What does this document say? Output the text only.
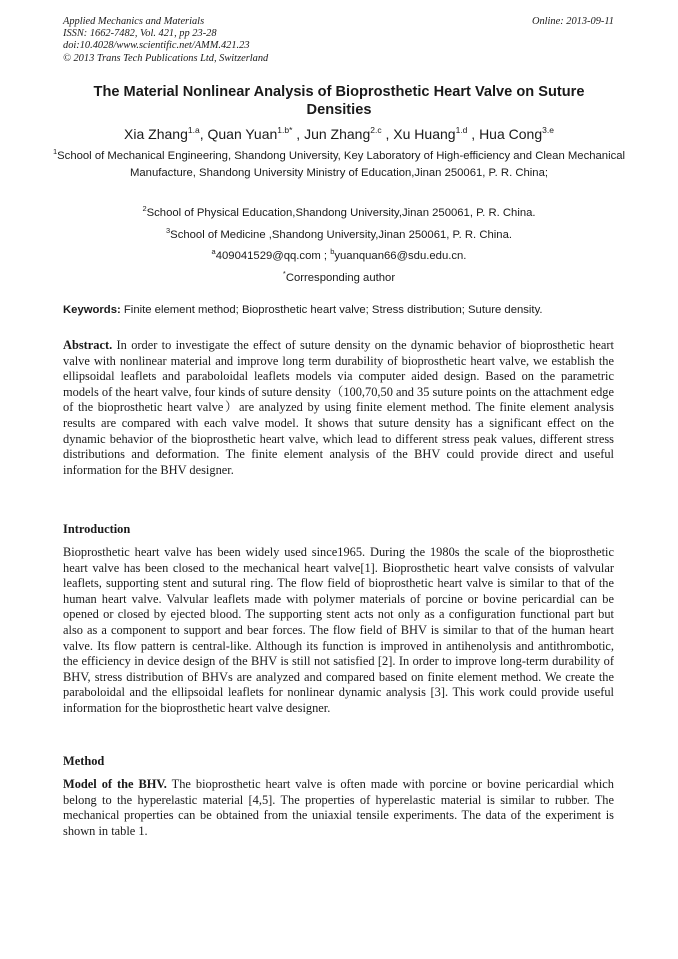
Applied Mechanics and Materials
ISSN: 1662-7482, Vol. 421, pp 23-28
doi:10.4028/www.scientific.net/AMM.421.23
© 2013 Trans Tech Publications Ltd, Switzerland
Online: 2013-09-11
The Material Nonlinear Analysis of Bioprosthetic Heart Valve on Suture Densities
Xia Zhang$^{1.a}$, Quan Yuan$^{1.b*}$ , Jun Zhang$^{2.c}$ , Xu Huang$^{1.d}$ , Hua Cong$^{3.e}$
$^1$School of Mechanical Engineering, Shandong University, Key Laboratory of High-efficiency and Clean Mechanical Manufacture, Shandong University Ministry of Education,Jinan 250061, P. R. China;
$^2$School of Physical Education,Shandong University,Jinan 250061, P. R. China.
$^3$School of Medicine ,Shandong University,Jinan 250061, P. R. China.
$^a$409041529@qq.com ; $^b$yuanquan66@sdu.edu.cn.
*Corresponding author
Keywords: Finite element method; Bioprosthetic heart valve; Stress distribution; Suture density.
Abstract. In order to investigate the effect of suture density on the dynamic behavior of bioprosthetic heart valve with nonlinear material and improve long term durability of bioprosthetic heart valve, we establish the ellipsoidal leaflets and paraboloidal leaflets models via computer aided design. Based on the parametric models of the heart valve, four kinds of suture density（100,70,50 and 35 suture points on the attachment edge of the bioprosthetic heart valve）are analyzed by using finite element method. The finite element analysis results are compared with each valve model. It shows that suture density has a significant effect on the dynamic behavior of the bioprosthetic heart valve, which lead to different stress peak values, different stress distributions and deformation. The finite element analysis of the BHV could provide direct and useful information for the BHV designer.
Introduction
Bioprosthetic heart valve has been widely used since1965. During the 1980s the scale of the bioprosthetic heart valve has been closed to the mechanical heart valve[1]. Bioprosthetic heart valve consists of valvular leaflets, supporting stent and sutural ring. The flow field of bioprosthetic heart valve is similar to that of the human heart valve. Valvular leaflets made with polymer materials of porcine or bovine pericardial can be opened or closed by ejected blood. The supporting stent acts not only as a configuration functional part but also as a component to support and bear forces. The flow field of BHV is similar to that of the human heart valve. Its flow pattern is central-like. Although its function is improved in antihenolysis and antithrombotic, the efficiency in device design of the BHV is still not satisfied [2]. In order to improve long-term durability of BHV, stress distribution of BHVs are analyzed and compared based on finite element method. We create the paraboloidal and the ellipsoidal leaflets for nonlinear dynamic analysis [3]. This work could provide useful information for the bioprosthetic heart valve designer.
Method
Model of the BHV. The bioprosthetic heart valve is often made with porcine or bovine pericardial which belong to the hyperelastic material [4,5]. The properties of hyperelastic material is similar to rubber. The mechanical properties can be obtained from the uniaxial tensile experiments. The data of the experiment is shown in table 1.
